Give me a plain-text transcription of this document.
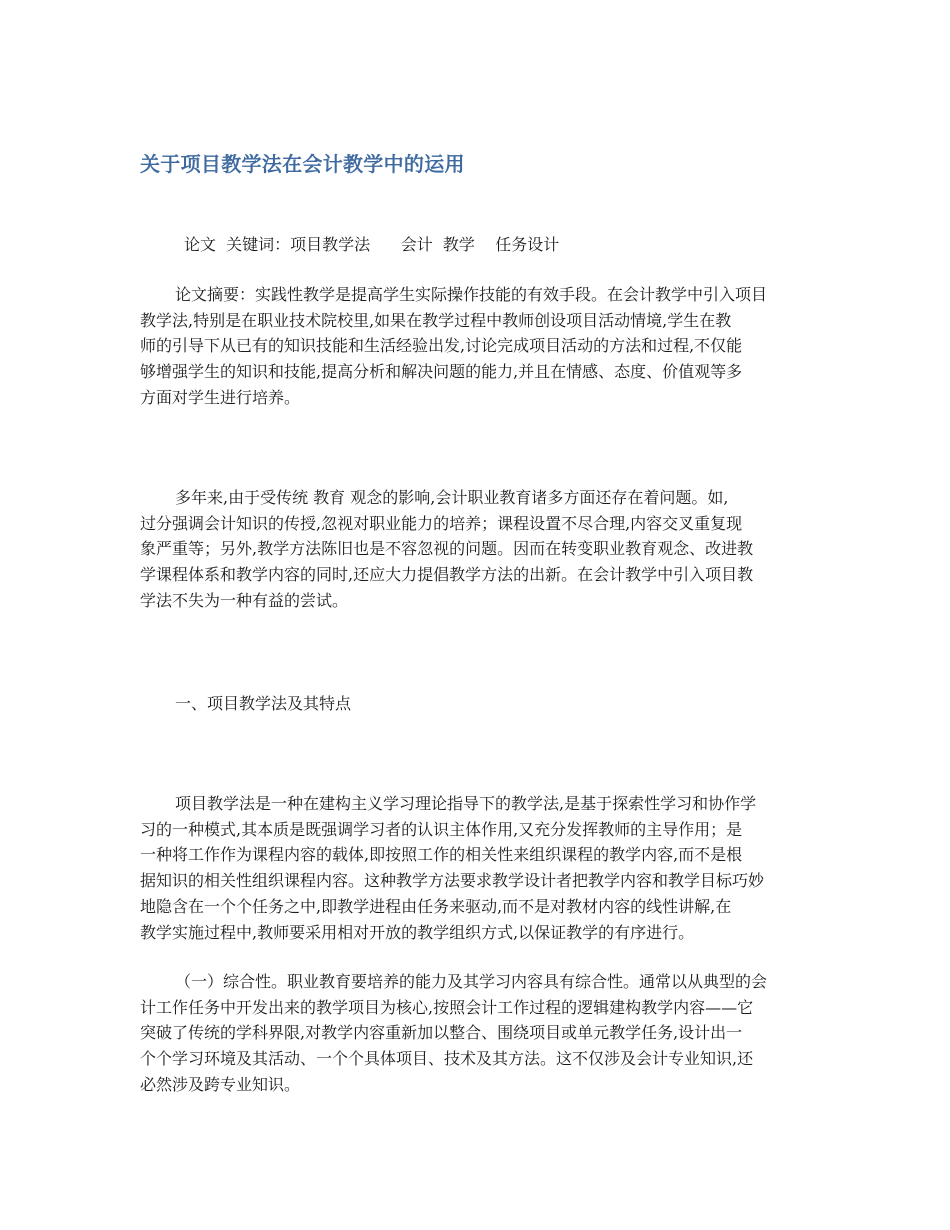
关于项目教学法在会计教学中的运用
论文  关键词：项目教学法      会计  教学    任务设计
论文摘要：实践性教学是提高学生实际操作技能的有效手段。在会计教学中引入项目
教学法,特别是在职业技术院校里,如果在教学过程中教师创设项目活动情境,学生在教
师的引导下从已有的知识技能和生活经验出发,讨论完成项目活动的方法和过程,不仅能
够增强学生的知识和技能,提高分析和解决问题的能力,并且在情感、态度、价值观等多
方面对学生进行培养。
多年来,由于受传统 教育 观念的影响,会计职业教育诸多方面还存在着问题。如,
过分强调会计知识的传授,忽视对职业能力的培养；课程设置不尽合理,内容交叉重复现
象严重等；另外,教学方法陈旧也是不容忽视的问题。因而在转变职业教育观念、改进教
学课程体系和教学内容的同时,还应大力提倡教学方法的出新。在会计教学中引入项目教
学法不失为一种有益的尝试。
一、项目教学法及其特点
项目教学法是一种在建构主义学习理论指导下的教学法,是基于探索性学习和协作学
习的一种模式,其本质是既强调学习者的认识主体作用,又充分发挥教师的主导作用；是
一种将工作作为课程内容的载体,即按照工作的相关性来组织课程的教学内容,而不是根
据知识的相关性组织课程内容。这种教学方法要求教学设计者把教学内容和教学目标巧妙
地隐含在一个个任务之中,即教学进程由任务来驱动,而不是对教材内容的线性讲解,在
教学实施过程中,教师要采用相对开放的教学组织方式,以保证教学的有序进行。
（一）综合性。职业教育要培养的能力及其学习内容具有综合性。通常以从典型的会
计工作任务中开发出来的教学项目为核心,按照会计工作过程的逻辑建构教学内容——它
突破了传统的学科界限,对教学内容重新加以整合、围绕项目或单元教学任务,设计出一
个个学习环境及其活动、一个个具体项目、技术及其方法。这不仅涉及会计专业知识,还
必然涉及跨专业知识。
